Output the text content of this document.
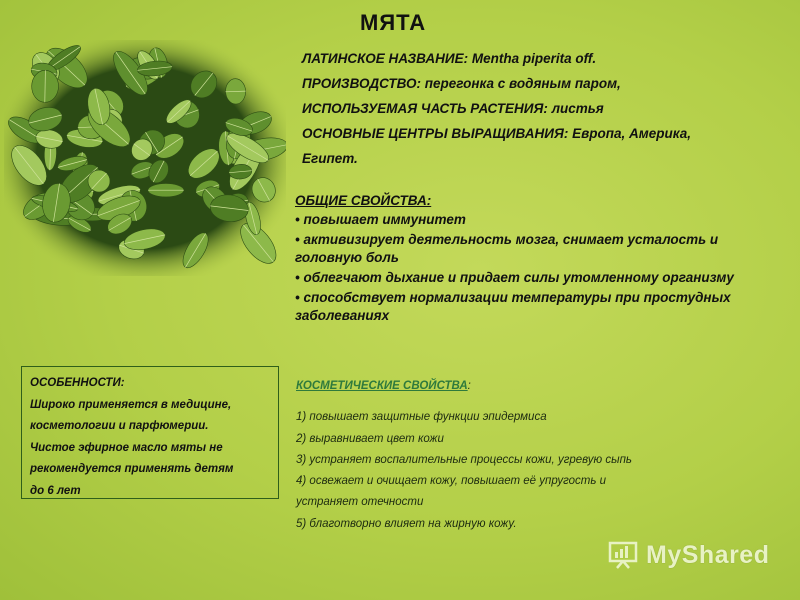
МЯТА
ЛАТИНСКОЕ НАЗВАНИЕ: Mentha piperita off.
ПРОИЗВОДСТВО: перегонка с водяным паром,
ИСПОЛЬЗУЕМАЯ ЧАСТЬ РАСТЕНИЯ: листья
ОСНОВНЫЕ ЦЕНТРЫ ВЫРАЩИВАНИЯ: Европа, Америка,
Египет.
ОБЩИЕ СВОЙСТВА:
• повышает иммунитет
• активизирует деятельность мозга, снимает усталость и головную боль
• облегчают дыхание и придает силы утомленному организму
• способствует нормализации температуры при простудных заболеваниях
ОСОБЕННОСТИ:
Широко применяется в медицине,
косметологии и парфюмерии.
Чистое эфирное масло мяты не
рекомендуется применять детям
до 6 лет
КОСМЕТИЧЕСКИЕ СВОЙСТВА:
1) повышает защитные функции эпидермиса
2) выравнивает цвет кожи
3) устраняет воспалительные процессы кожи, угревую сыпь
4) освежает и очищает кожу, повышает её упругость и
устраняет отечности
5) благотворно влияет на жирную кожу.
MyShared
